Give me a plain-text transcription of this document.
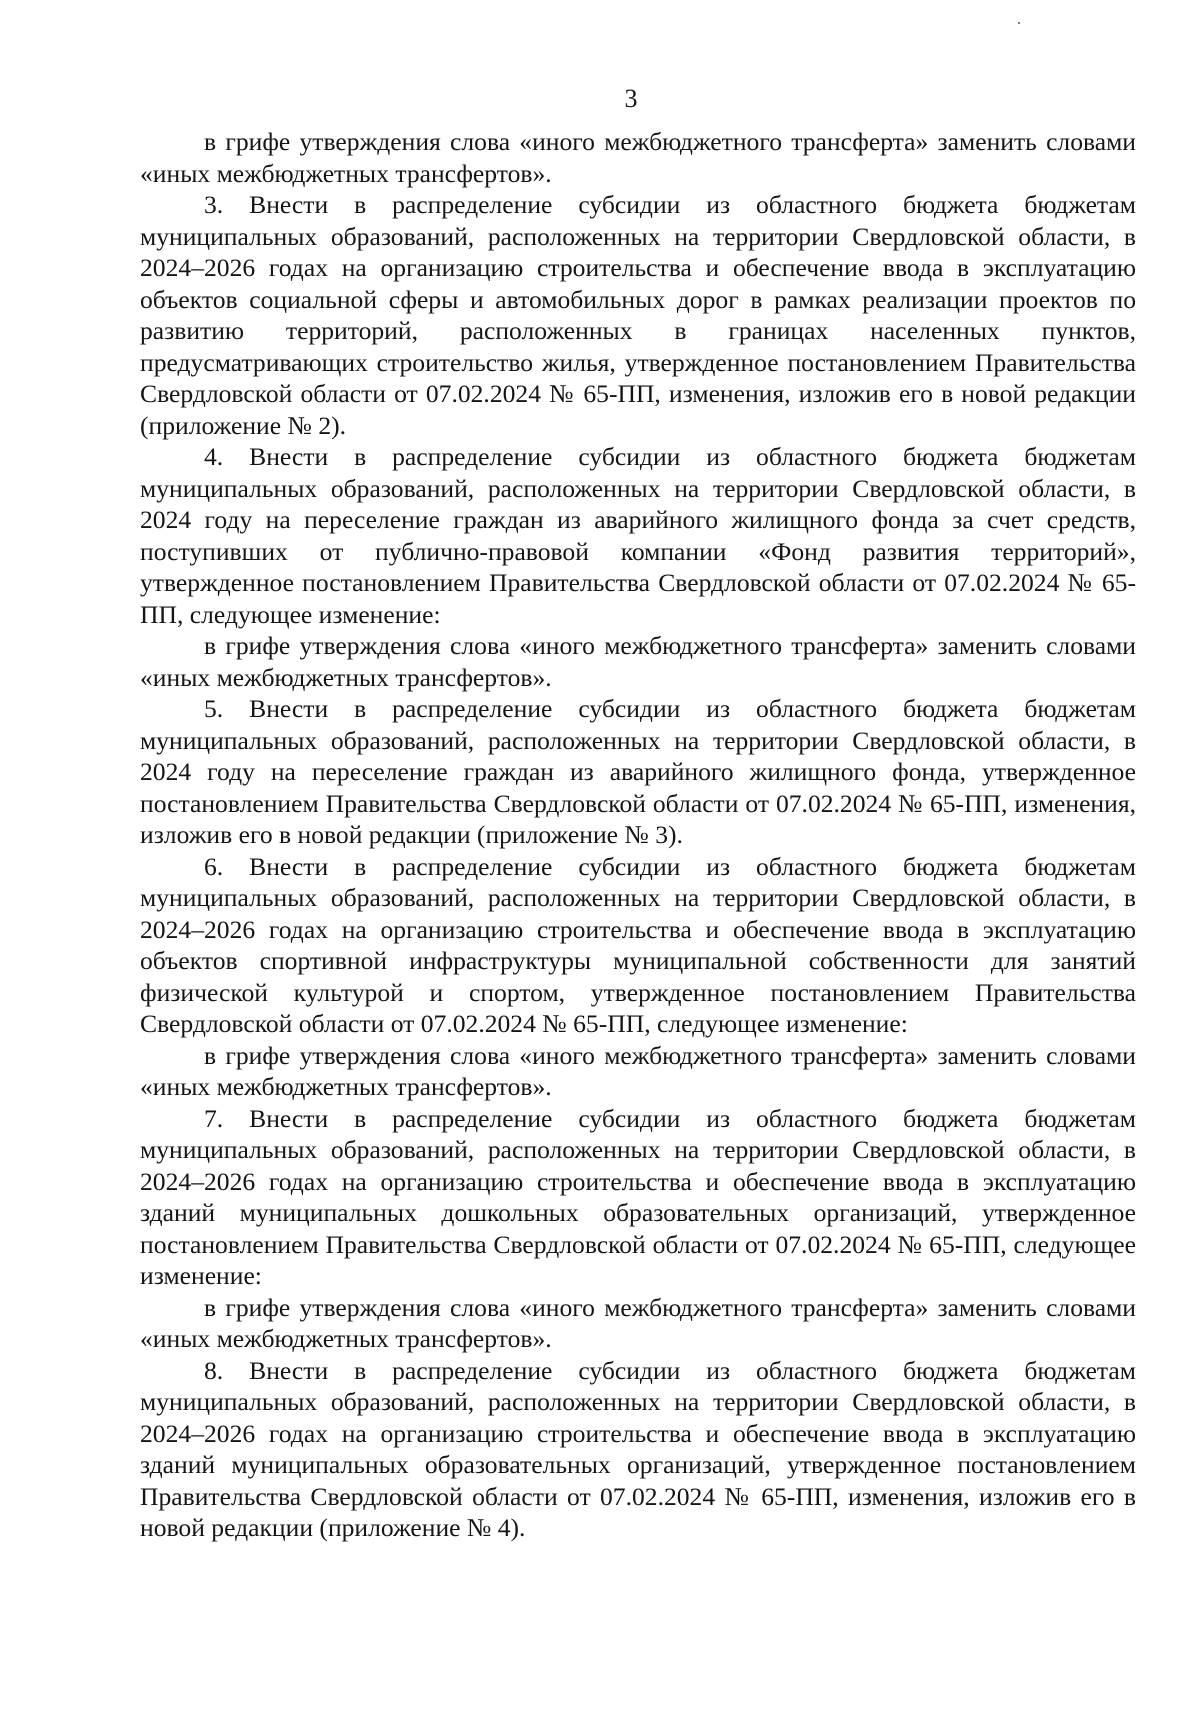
3

в грифе утверждения слова «иного межбюджетного трансферта» заменить словами «иных межбюджетных трансфертов».

3. Внести в распределение субсидии из областного бюджета бюджетам муниципальных образований, расположенных на территории Свердловской области, в 2024–2026 годах на организацию строительства и обеспечение ввода в эксплуатацию объектов социальной сферы и автомобильных дорог в рамках реализации проектов по развитию территорий, расположенных в границах населенных пунктов, предусматривающих строительство жилья, утвержденное постановлением Правительства Свердловской области от 07.02.2024 № 65-ПП, изменения, изложив его в новой редакции (приложение № 2).

4. Внести в распределение субсидии из областного бюджета бюджетам муниципальных образований, расположенных на территории Свердловской области, в 2024 году на переселение граждан из аварийного жилищного фонда за счет средств, поступивших от публично-правовой компании «Фонд развития территорий», утвержденное постановлением Правительства Свердловской области от 07.02.2024 № 65-ПП, следующее изменение:

в грифе утверждения слова «иного межбюджетного трансферта» заменить словами «иных межбюджетных трансфертов».

5. Внести в распределение субсидии из областного бюджета бюджетам муниципальных образований, расположенных на территории Свердловской области, в 2024 году на переселение граждан из аварийного жилищного фонда, утвержденное постановлением Правительства Свердловской области от 07.02.2024 № 65-ПП, изменения, изложив его в новой редакции (приложение № 3).

6. Внести в распределение субсидии из областного бюджета бюджетам муниципальных образований, расположенных на территории Свердловской области, в 2024–2026 годах на организацию строительства и обеспечение ввода в эксплуатацию объектов спортивной инфраструктуры муниципальной собственности для занятий физической культурой и спортом, утвержденное постановлением Правительства Свердловской области от 07.02.2024 № 65-ПП, следующее изменение:

в грифе утверждения слова «иного межбюджетного трансферта» заменить словами «иных межбюджетных трансфертов».

7. Внести в распределение субсидии из областного бюджета бюджетам муниципальных образований, расположенных на территории Свердловской области, в 2024–2026 годах на организацию строительства и обеспечение ввода в эксплуатацию зданий муниципальных дошкольных образовательных организаций, утвержденное постановлением Правительства Свердловской области от 07.02.2024 № 65-ПП, следующее изменение:

в грифе утверждения слова «иного межбюджетного трансферта» заменить словами «иных межбюджетных трансфертов».

8. Внести в распределение субсидии из областного бюджета бюджетам муниципальных образований, расположенных на территории Свердловской области, в 2024–2026 годах на организацию строительства и обеспечение ввода в эксплуатацию зданий муниципальных образовательных организаций, утвержденное постановлением Правительства Свердловской области от 07.02.2024 № 65-ПП, изменения, изложив его в новой редакции (приложение № 4).
